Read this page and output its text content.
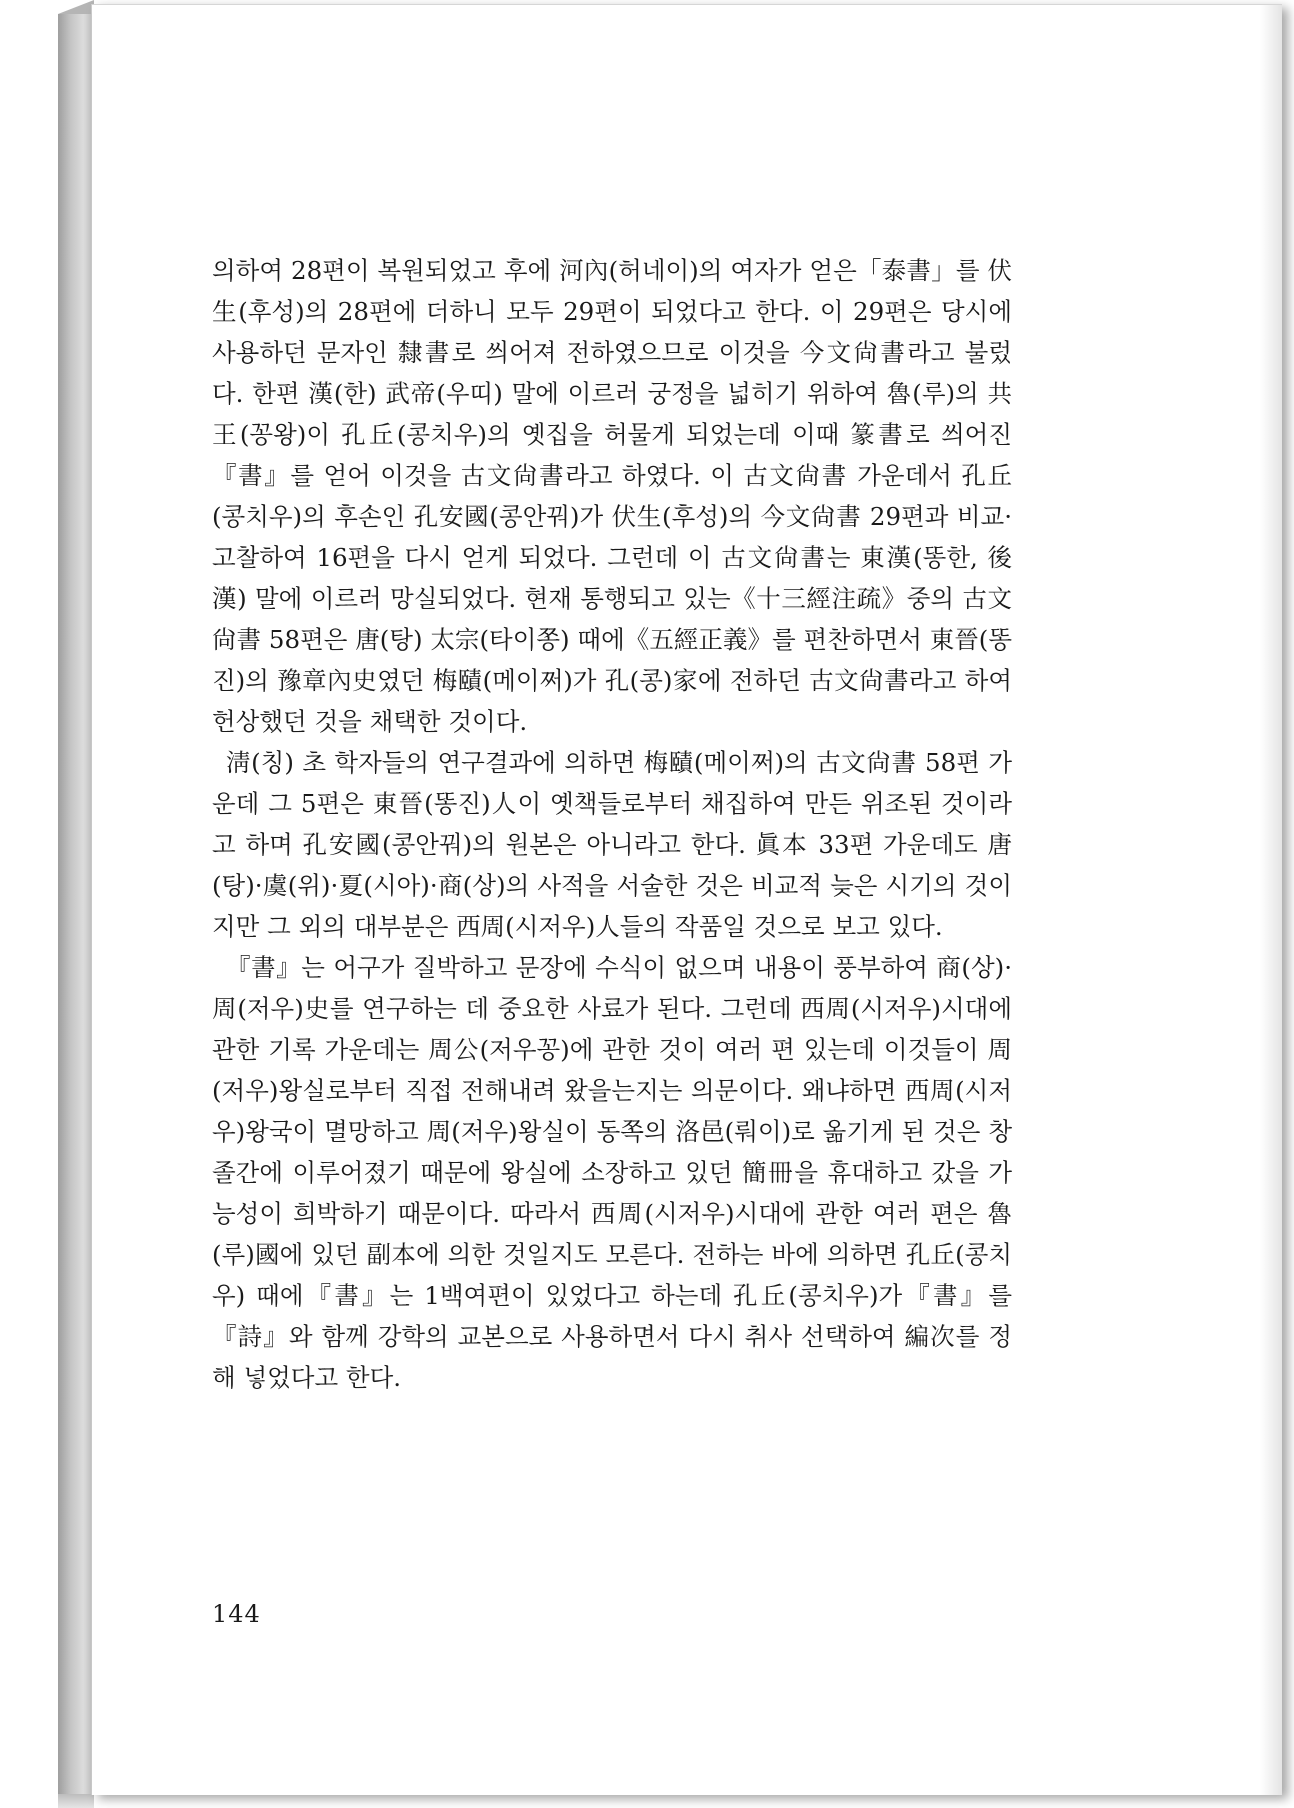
의하여 28편이 복원되었고 후에 河內(허네이)의 여자가 얻은「泰書」를 伏生(후성)의 28편에 더하니 모두 29편이 되었다고 한다. 이 29편은 당시에 사용하던 문자인 隸書로 씌어져 전하였으므로 이것을 今文尙書라고 불렀다. 한편 漢(한) 武帝(우띠) 말에 이르러 궁정을 넓히기 위하여 魯(루)의 共王(꽁왕)이 孔丘(콩치우)의 옛집을 허물게 되었는데 이때 篆書로 씌어진『書』를 얻어 이것을 古文尙書라고 하였다. 이 古文尙書 가운데서 孔丘(콩치우)의 후손인 孔安國(콩안꿔)가 伏生(후성)의 今文尙書 29편과 비교·고찰하여 16편을 다시 얻게 되었다. 그런데 이 古文尙書는 東漢(똥한, 後漢) 말에 이르러 망실되었다. 현재 통행되고 있는《十三經注疏》중의 古文尙書 58편은 唐(탕) 太宗(타이쫑) 때에《五經正義》를 편찬하면서 東晉(똥진)의 豫章內史였던 梅賾(메이쩌)가 孔(콩)家에 전하던 古文尙書라고 하여 헌상했던 것을 채택한 것이다.

淸(칭) 초 학자들의 연구결과에 의하면 梅賾(메이쩌)의 古文尙書 58편 가운데 그 5편은 東晉(똥진)人이 옛책들로부터 채집하여 만든 위조된 것이라고 하며 孔安國(콩안꿔)의 원본은 아니라고 한다. 眞本 33편 가운데도 唐(탕)·虞(위)·夏(시아)·商(상)의 사적을 서술한 것은 비교적 늦은 시기의 것이지만 그 외의 대부분은 西周(시저우)人들의 작품일 것으로 보고 있다.

『書』는 어구가 질박하고 문장에 수식이 없으며 내용이 풍부하여 商(상)·周(저우)史를 연구하는 데 중요한 사료가 된다. 그런데 西周(시저우)시대에 관한 기록 가운데는 周公(저우꽁)에 관한 것이 여러 편 있는데 이것들이 周(저우)왕실로부터 직접 전해내려 왔을는지는 의문이다. 왜냐하면 西周(시저우)왕국이 멸망하고 周(저우)왕실이 동쪽의 洛邑(뤄이)로 옮기게 된 것은 창졸간에 이루어졌기 때문에 왕실에 소장하고 있던 簡冊을 휴대하고 갔을 가능성이 희박하기 때문이다. 따라서 西周(시저우)시대에 관한 여러 편은 魯(루)國에 있던 副本에 의한 것일지도 모른다. 전하는 바에 의하면 孔丘(콩치우) 때에『書』는 1백여편이 있었다고 하는데 孔丘(콩치우)가『書』를『詩』와 함께 강학의 교본으로 사용하면서 다시 취사 선택하여 編次를 정해 넣었다고 한다.

144
